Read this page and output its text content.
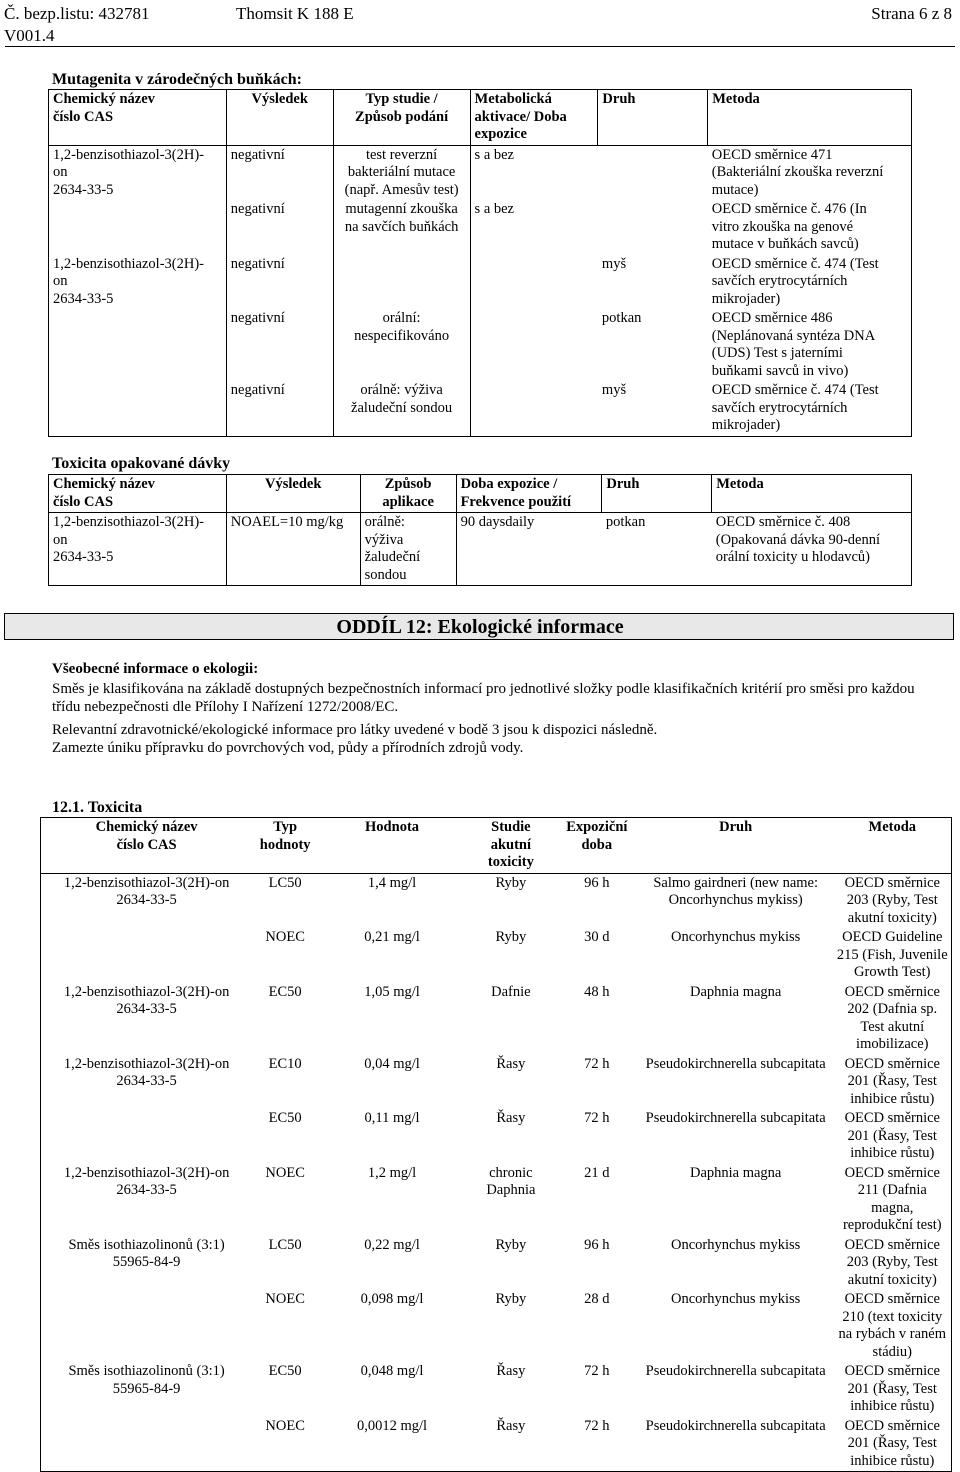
Č. bezp.listu: 432781	Thomsit K 188 E	Strana 6 z 8
V001.4
Mutagenita v zárodečných buňkách:
Chemický název
číslo CAS	Výsledek	Typ studie /
Způsob podání	Metabolická
aktivace/ Doba
expozice	Druh	Metoda
1,2-benzisothiazol-3(2H)-
on
2634-33-5	negativní	test reverzní
bakteriální mutace
(např. Amesův test)	s a bez		OECD směrnice 471
(Bakteriální zkouška reverzní
mutace)
	negativní	mutagenní zkouška
na savčích buňkách	s a bez		OECD směrnice č. 476 (In
vitro zkouška na genové
mutace v buňkách savců)
1,2-benzisothiazol-3(2H)-
on
2634-33-5	negativní			myš	OECD směrnice č. 474 (Test
savčích erytrocytárních
mikrojader)
	negativní	orální:
nespecifikováno		potkan	OECD směrnice 486
(Neplánovaná syntéza DNA
(UDS) Test s jaterními
buňkami savců in vivo)
	negativní	orálně: výživa
žaludeční sondou		myš	OECD směrnice č. 474 (Test
savčích erytrocytárních
mikrojader)
Toxicita opakované dávky
Chemický název
číslo CAS	Výsledek	Způsob
aplikace	Doba expozice /
Frekvence použití	Druh	Metoda
1,2-benzisothiazol-3(2H)-
on
2634-33-5	NOAEL=10 mg/kg	orálně:
výživa
žaludeční
sondou	90 daysdaily	potkan	OECD směrnice č. 408
(Opakovaná dávka 90-denní
orální toxicity u hlodavců)
ODDÍL 12: Ekologické informace
Všeobecné informace o ekologii:
Směs je klasifikována na základě dostupných bezpečnostních informací pro jednotlivé složky podle klasifikačních kritérií pro směsi pro každou třídu nebezpečnosti dle Přílohy I Nařízení 1272/2008/EC.
Relevantní zdravotnické/ekologické informace pro látky uvedené v bodě 3 jsou k dispozici následně.
Zamezte úniku přípravku do povrchových vod, půdy a přírodních zdrojů vody.
12.1. Toxicita
Chemický název
číslo CAS	Typ
hodnoty	Hodnota	Studie
akutní
toxicity	Expoziční
doba	Druh	Metoda
1,2-benzisothiazol-3(2H)-on
2634-33-5	LC50	1,4 mg/l	Ryby	96 h	Salmo gairdneri (new name:
Oncorhynchus mykiss)	OECD směrnice
203 (Ryby, Test
akutní toxicity)
	NOEC	0,21 mg/l	Ryby	30 d	Oncorhynchus mykiss	OECD Guideline
215 (Fish, Juvenile
Growth Test)
1,2-benzisothiazol-3(2H)-on
2634-33-5	EC50	1,05 mg/l	Dafnie	48 h	Daphnia magna	OECD směrnice
202 (Dafnia sp.
Test akutní
imobilizace)
1,2-benzisothiazol-3(2H)-on
2634-33-5	EC10	0,04 mg/l	Řasy	72 h	Pseudokirchnerella subcapitata	OECD směrnice
201 (Řasy, Test
inhibice růstu)
	EC50	0,11 mg/l	Řasy	72 h	Pseudokirchnerella subcapitata	OECD směrnice
201 (Řasy, Test
inhibice růstu)
1,2-benzisothiazol-3(2H)-on
2634-33-5	NOEC	1,2 mg/l	chronic
Daphnia	21 d	Daphnia magna	OECD směrnice
211 (Dafnia
magna,
reprodukční test)
Směs isothiazolinonů (3:1)
55965-84-9	LC50	0,22 mg/l	Ryby	96 h	Oncorhynchus mykiss	OECD směrnice
203 (Ryby, Test
akutní toxicity)
	NOEC	0,098 mg/l	Ryby	28 d	Oncorhynchus mykiss	OECD směrnice
210 (text toxicity
na rybách v raném
stádiu)
Směs isothiazolinonů (3:1)
55965-84-9	EC50	0,048 mg/l	Řasy	72 h	Pseudokirchnerella subcapitata	OECD směrnice
201 (Řasy, Test
inhibice růstu)
	NOEC	0,0012 mg/l	Řasy	72 h	Pseudokirchnerella subcapitata	OECD směrnice
201 (Řasy, Test
inhibice růstu)
